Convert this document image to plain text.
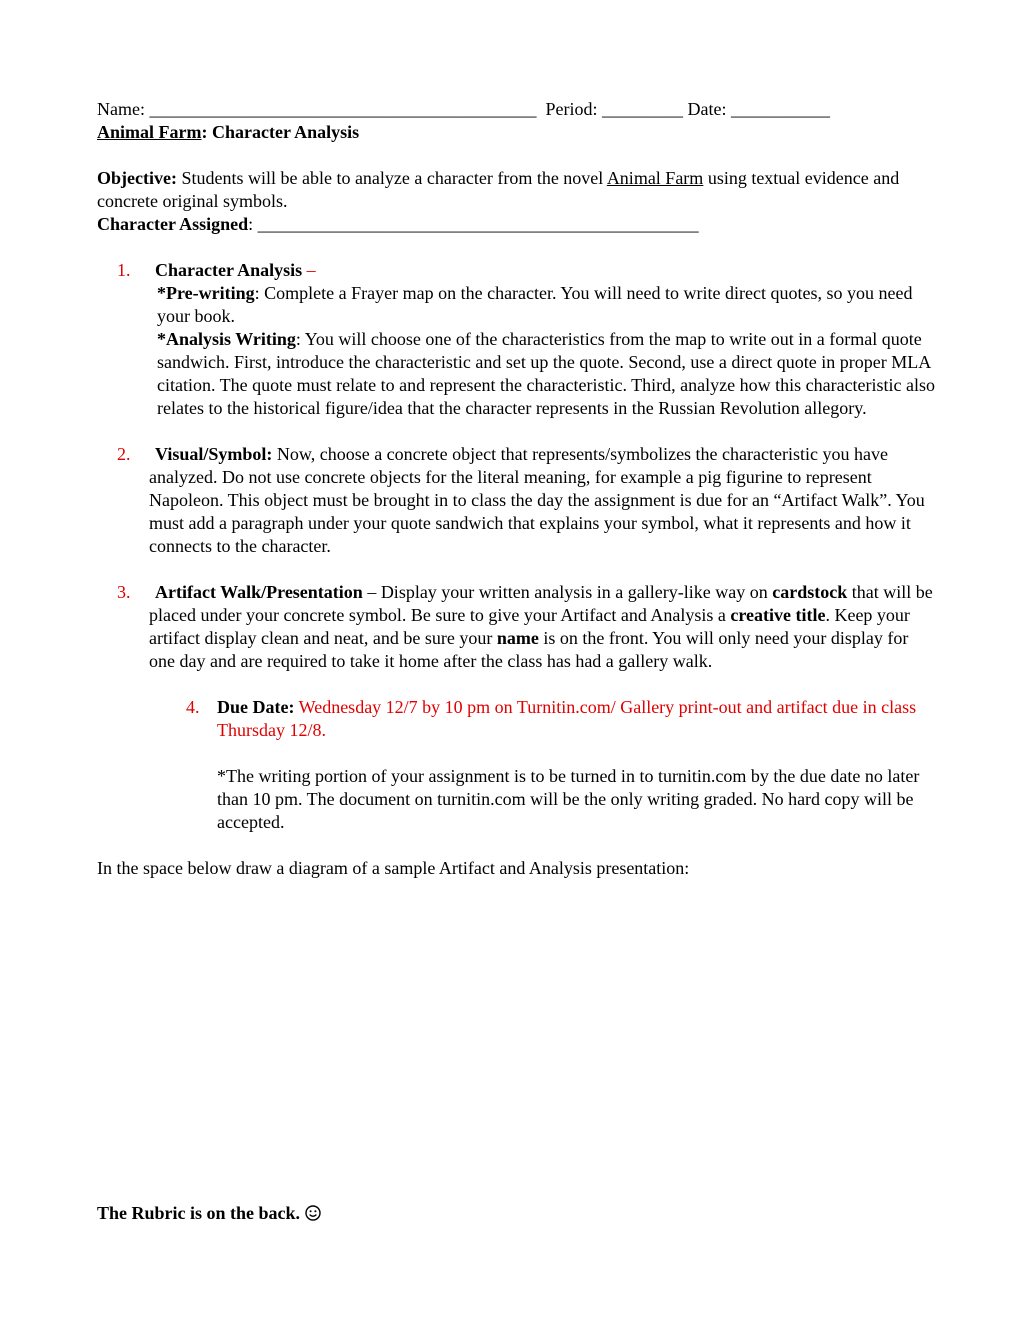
Name: ___________________________________________ Period: _________ Date: ___________
Animal Farm: Character Analysis

Objective: Students will be able to analyze a character from the novel Animal Farm using textual evidence and concrete original symbols.

Character Assigned: _________________________________________________
1.	Character Analysis –

*Pre-writing: Complete a Frayer map on the character. You will need to write direct quotes, so you need your book.

*Analysis Writing: You will choose one of the characteristics from the map to write out in a formal quote sandwich. First, introduce the characteristic and set up the quote. Second, use a direct quote in proper MLA citation. The quote must relate to and represent the characteristic. Third, analyze how this characteristic also relates to the historical figure/idea that the character represents in the Russian Revolution allegory.

2.	Visual/Symbol: Now, choose a concrete object that represents/symbolizes the characteristic you have analyzed. Do not use concrete objects for the literal meaning, for example a pig figurine to represent Napoleon. This object must be brought in to class the day the assignment is due for an “Artifact Walk”. You must add a paragraph under your quote sandwich that explains your symbol, what it represents and how it connects to the character.

3.	Artifact Walk/Presentation – Display your written analysis in a gallery-like way on cardstock that will be placed under your concrete symbol. Be sure to give your Artifact and Analysis a creative title. Keep your artifact display clean and neat, and be sure your name is on the front. You will only need your display for one day and are required to take it home after the class has had a gallery walk.

4. Due Date: Wednesday 12/7 by 10 pm on Turnitin.com/ Gallery print-out and artifact due in class Thursday 12/8.

*The writing portion of your assignment is to be turned in to turnitin.com by the due date no later than 10 pm. The document on turnitin.com will be the only writing graded. No hard copy will be accepted.

In the space below draw a diagram of a sample Artifact and Analysis presentation:

The Rubric is on the back.
